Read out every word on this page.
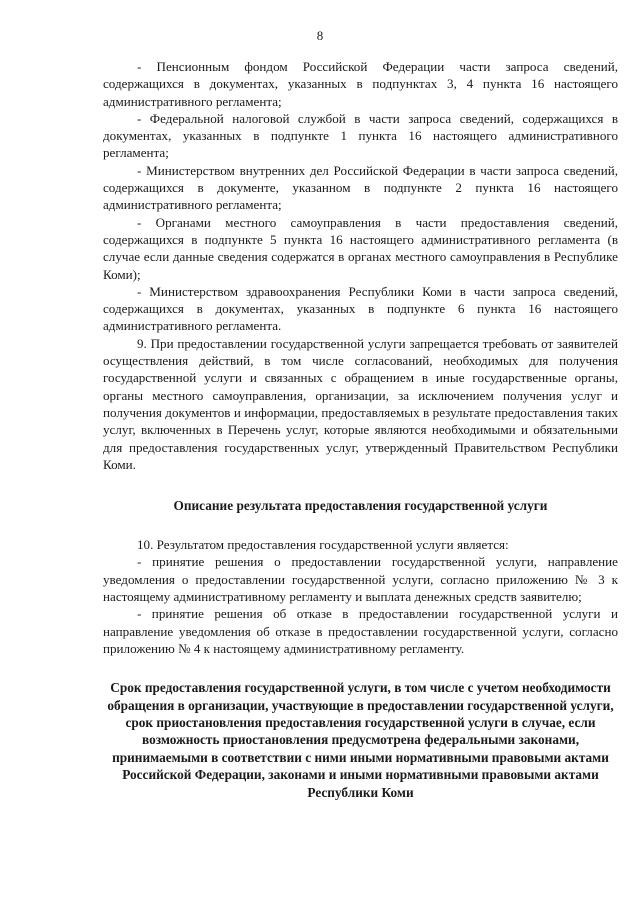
8

- Пенсионным фондом Российской Федерации части запроса сведений, содержащихся в документах, указанных в подпунктах 3, 4 пункта 16 настоящего административного регламента;

- Федеральной налоговой службой в части запроса сведений, содержащихся в документах, указанных в подпункте 1 пункта 16 настоящего административного регламента;

- Министерством внутренних дел Российской Федерации в части запроса сведений, содержащихся в документе, указанном в подпункте 2 пункта 16 настоящего административного регламента;

- Органами местного самоуправления в части предоставления сведений, содержащихся в подпункте 5 пункта 16 настоящего административного регламента (в случае если данные сведения содержатся в органах местного самоуправления в Республике Коми);

- Министерством здравоохранения Республики Коми в части запроса сведений, содержащихся в документах, указанных в подпункте 6 пункта 16 настоящего административного регламента.

9. При предоставлении государственной услуги запрещается требовать от заявителей осуществления действий, в том числе согласований, необходимых для получения государственной услуги и связанных с обращением в иные государственные органы, органы местного самоуправления, организации, за исключением получения услуг и получения документов и информации, предоставляемых в результате предоставления таких услуг, включенных в Перечень услуг, которые являются необходимыми и обязательными для предоставления государственных услуг, утвержденный Правительством Республики Коми.

Описание результата предоставления государственной услуги

10. Результатом предоставления государственной услуги является:

- принятие решения о предоставлении государственной услуги, направление уведомления о предоставлении государственной услуги, согласно приложению № 3 к настоящему административному регламенту и выплата денежных средств заявителю;

- принятие решения об отказе в предоставлении государственной услуги и направление уведомления об отказе в предоставлении государственной услуги, согласно приложению № 4 к настоящему административному регламенту.

Срок предоставления государственной услуги, в том числе с учетом необходимости обращения в организации, участвующие в предоставлении государственной услуги, срок приостановления предоставления государственной услуги в случае, если возможность приостановления предусмотрена федеральными законами, принимаемыми в соответствии с ними иными нормативными правовыми актами Российской Федерации, законами и иными нормативными правовыми актами Республики Коми
